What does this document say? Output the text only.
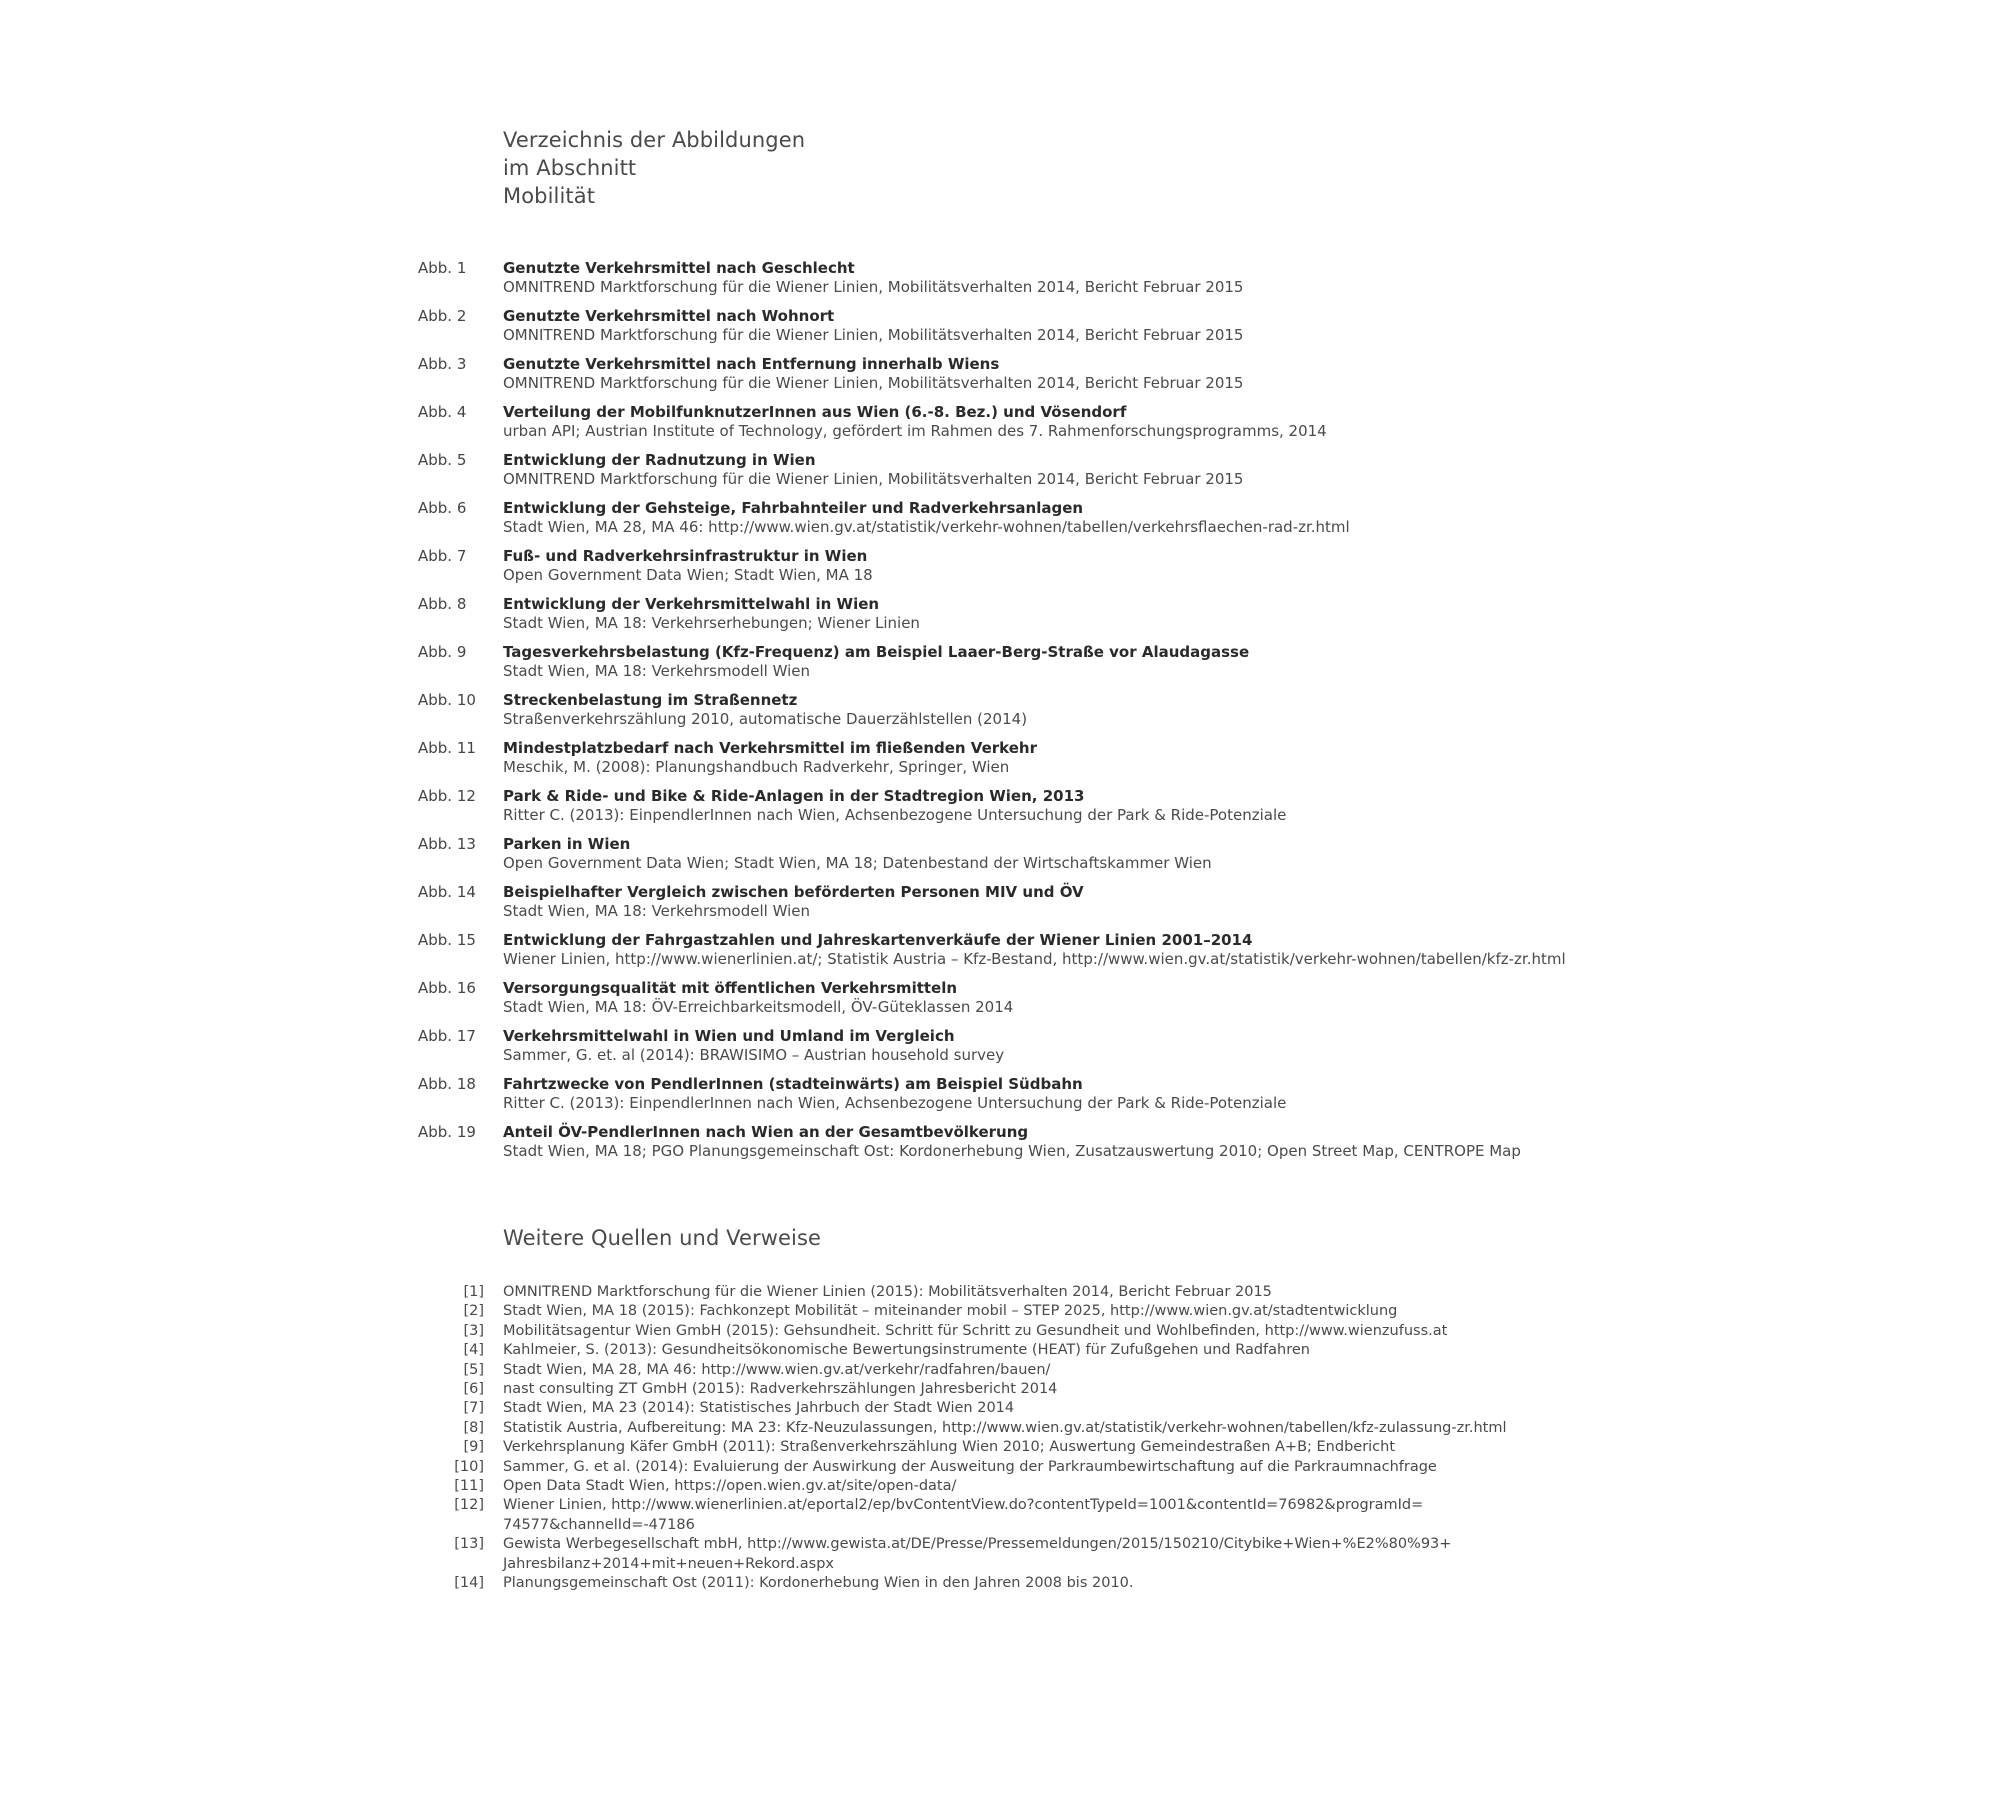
Verzeichnis der Abbildungen
im Abschnitt
Mobilität
Abb. 1 Genutzte Verkehrsmittel nach Geschlecht
OMNITREND Marktforschung für die Wiener Linien, Mobilitätsverhalten 2014, Bericht Februar 2015
Abb. 2 Genutzte Verkehrsmittel nach Wohnort
OMNITREND Marktforschung für die Wiener Linien, Mobilitätsverhalten 2014, Bericht Februar 2015
Abb. 3 Genutzte Verkehrsmittel nach Entfernung innerhalb Wiens
OMNITREND Marktforschung für die Wiener Linien, Mobilitätsverhalten 2014, Bericht Februar 2015
Abb. 4 Verteilung der MobilfunknutzerInnen aus Wien (6.-8. Bez.) und Vösendorf
urban API; Austrian Institute of Technology, gefördert im Rahmen des 7. Rahmenforschungsprogramms, 2014
Abb. 5 Entwicklung der Radnutzung in Wien
OMNITREND Marktforschung für die Wiener Linien, Mobilitätsverhalten 2014, Bericht Februar 2015
Abb. 6 Entwicklung der Gehsteige, Fahrbahnteiler und Radverkehrsanlagen
Stadt Wien, MA 28, MA 46: http://www.wien.gv.at/statistik/verkehr-wohnen/tabellen/verkehrsflaechen-rad-zr.html
Abb. 7 Fuß- und Radverkehrsinfrastruktur in Wien
Open Government Data Wien; Stadt Wien, MA 18
Abb. 8 Entwicklung der Verkehrsmittelwahl in Wien
Stadt Wien, MA 18: Verkehrserhebungen; Wiener Linien
Abb. 9 Tagesverkehrsbelastung (Kfz-Frequenz) am Beispiel Laaer-Berg-Straße vor Alaudagasse
Stadt Wien, MA 18: Verkehrsmodell Wien
Abb. 10 Streckenbelastung im Straßennetz
Straßenverkehrszählung 2010, automatische Dauerzählstellen (2014)
Abb. 11 Mindestplatzbedarf nach Verkehrsmittel im fließenden Verkehr
Meschik, M. (2008): Planungshandbuch Radverkehr, Springer, Wien
Abb. 12 Park & Ride- und Bike & Ride-Anlagen in der Stadtregion Wien, 2013
Ritter C. (2013): EinpendlerInnen nach Wien, Achsenbezogene Untersuchung der Park & Ride-Potenziale
Abb. 13 Parken in Wien
Open Government Data Wien; Stadt Wien, MA 18; Datenbestand der Wirtschaftskammer Wien
Abb. 14 Beispielhafter Vergleich zwischen beförderten Personen MIV und ÖV
Stadt Wien, MA 18: Verkehrsmodell Wien
Abb. 15 Entwicklung der Fahrgastzahlen und Jahreskartenverkäufe der Wiener Linien 2001–2014
Wiener Linien, http://www.wienerlinien.at/; Statistik Austria – Kfz-Bestand, http://www.wien.gv.at/statistik/verkehr-wohnen/tabellen/kfz-zr.html
Abb. 16 Versorgungsqualität mit öffentlichen Verkehrsmitteln
Stadt Wien, MA 18: ÖV-Erreichbarkeitsmodell, ÖV-Güteklassen 2014
Abb. 17 Verkehrsmittelwahl in Wien und Umland im Vergleich
Sammer, G. et. al (2014): BRAWISIMO – Austrian household survey
Abb. 18 Fahrtzwecke von PendlerInnen (stadteinwärts) am Beispiel Südbahn
Ritter C. (2013): EinpendlerInnen nach Wien, Achsenbezogene Untersuchung der Park & Ride-Potenziale
Abb. 19 Anteil ÖV-PendlerInnen nach Wien an der Gesamtbevölkerung
Stadt Wien, MA 18; PGO Planungsgemeinschaft Ost: Kordonerhebung Wien, Zusatzauswertung 2010; Open Street Map, CENTROPE Map
Weitere Quellen und Verweise
[1] OMNITREND Marktforschung für die Wiener Linien (2015): Mobilitätsverhalten 2014, Bericht Februar 2015
[2] Stadt Wien, MA 18 (2015): Fachkonzept Mobilität – miteinander mobil – STEP 2025, http://www.wien.gv.at/stadtentwicklung
[3] Mobilitätsagentur Wien GmbH (2015): Gehsundheit. Schritt für Schritt zu Gesundheit und Wohlbefinden, http://www.wienzufuss.at
[4] Kahlmeier, S. (2013): Gesundheitsökonomische Bewertungsinstrumente (HEAT) für Zufußgehen und Radfahren
[5] Stadt Wien, MA 28, MA 46: http://www.wien.gv.at/verkehr/radfahren/bauen/
[6] nast consulting ZT GmbH (2015): Radverkehrszählungen Jahresbericht 2014
[7] Stadt Wien, MA 23 (2014): Statistisches Jahrbuch der Stadt Wien 2014
[8] Statistik Austria, Aufbereitung: MA 23: Kfz-Neuzulassungen, http://www.wien.gv.at/statistik/verkehr-wohnen/tabellen/kfz-zulassung-zr.html
[9] Verkehrsplanung Käfer GmbH (2011): Straßenverkehrszählung Wien 2010; Auswertung Gemeindestraßen A+B; Endbericht
[10] Sammer, G. et al. (2014): Evaluierung der Auswirkung der Ausweitung der Parkraumbewirtschaftung auf die Parkraumnachfrage
[11] Open Data Stadt Wien, https://open.wien.gv.at/site/open-data/
[12] Wiener Linien, http://www.wienerlinien.at/eportal2/ep/bvContentView.do?contentTypeId=1001&contentId=76982&programId=
74577&channelId=-47186
[13] Gewista Werbegesellschaft mbH, http://www.gewista.at/DE/Presse/Pressemeldungen/2015/150210/Citybike+Wien+%E2%80%93+
Jahresbilanz+2014+mit+neuen+Rekord.aspx
[14] Planungsgemeinschaft Ost (2011): Kordonerhebung Wien in den Jahren 2008 bis 2010.
